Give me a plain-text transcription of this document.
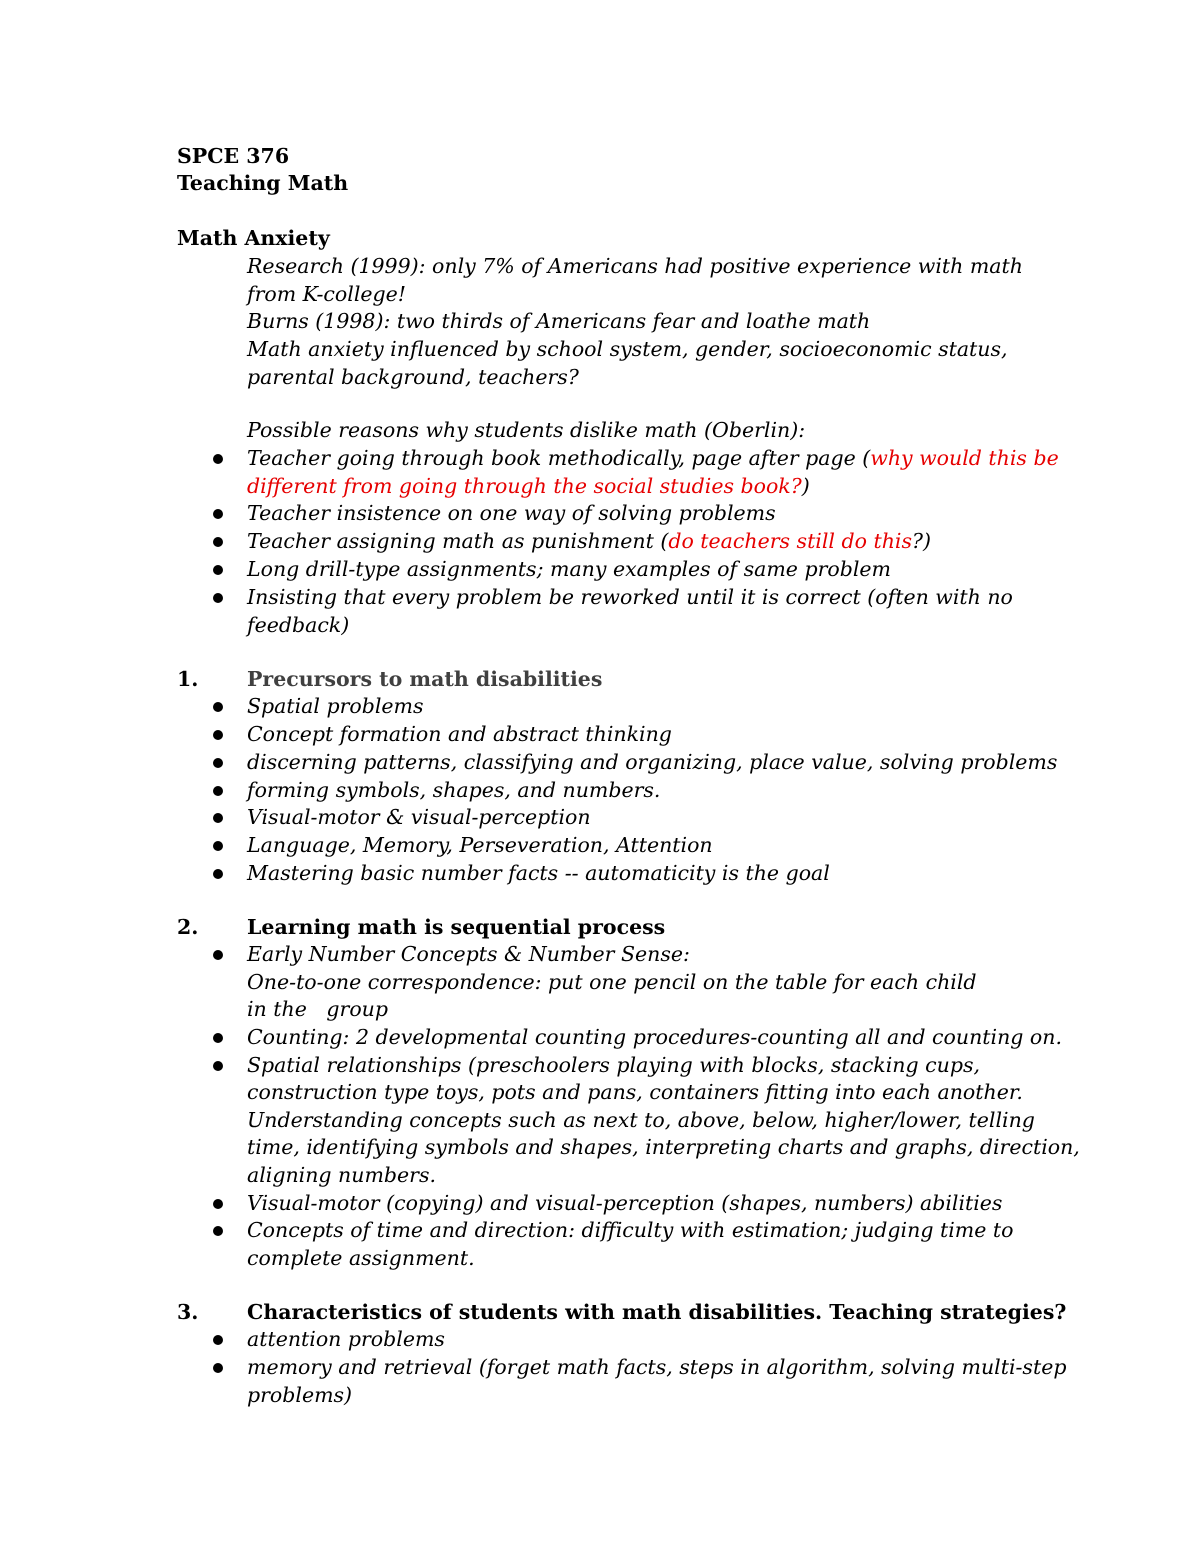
SPCE 376
Teaching Math
Math Anxiety
Research (1999): only 7% of Americans had positive experience with math
from K-college!
Burns (1998): two thirds of Americans fear and loathe math
Math anxiety influenced by school system, gender, socioeconomic status,
parental background, teachers?
Possible reasons why students dislike math (Oberlin):
Teacher going through book methodically, page after page (why would this be
different from going through the social studies book?)
Teacher insistence on one way of solving problems
Teacher assigning math as punishment (do teachers still do this?)
Long drill-type assignments; many examples of same problem
Insisting that every problem be reworked until it is correct (often with no
feedback)
1. Precursors to math disabilities
Spatial problems
Concept formation and abstract thinking
discerning patterns, classifying and organizing, place value, solving problems
forming symbols, shapes, and numbers.
Visual-motor & visual-perception
Language, Memory, Perseveration, Attention
Mastering basic number facts -- automaticity is the goal
2. Learning math is sequential process
Early Number Concepts & Number Sense:
One-to-one correspondence: put one pencil on the table for each child
in the   group
Counting: 2 developmental counting procedures-counting all and counting on.
Spatial relationships (preschoolers playing with blocks, stacking cups,
construction type toys, pots and pans, containers fitting into each another.
Understanding concepts such as next to, above, below, higher/lower, telling
time, identifying symbols and shapes, interpreting charts and graphs, direction,
aligning numbers.
Visual-motor (copying) and visual-perception (shapes, numbers) abilities
Concepts of time and direction: difficulty with estimation; judging time to
complete assignment.
3. Characteristics of students with math disabilities. Teaching strategies?
attention problems
memory and retrieval (forget math facts, steps in algorithm, solving multi-step
problems)
